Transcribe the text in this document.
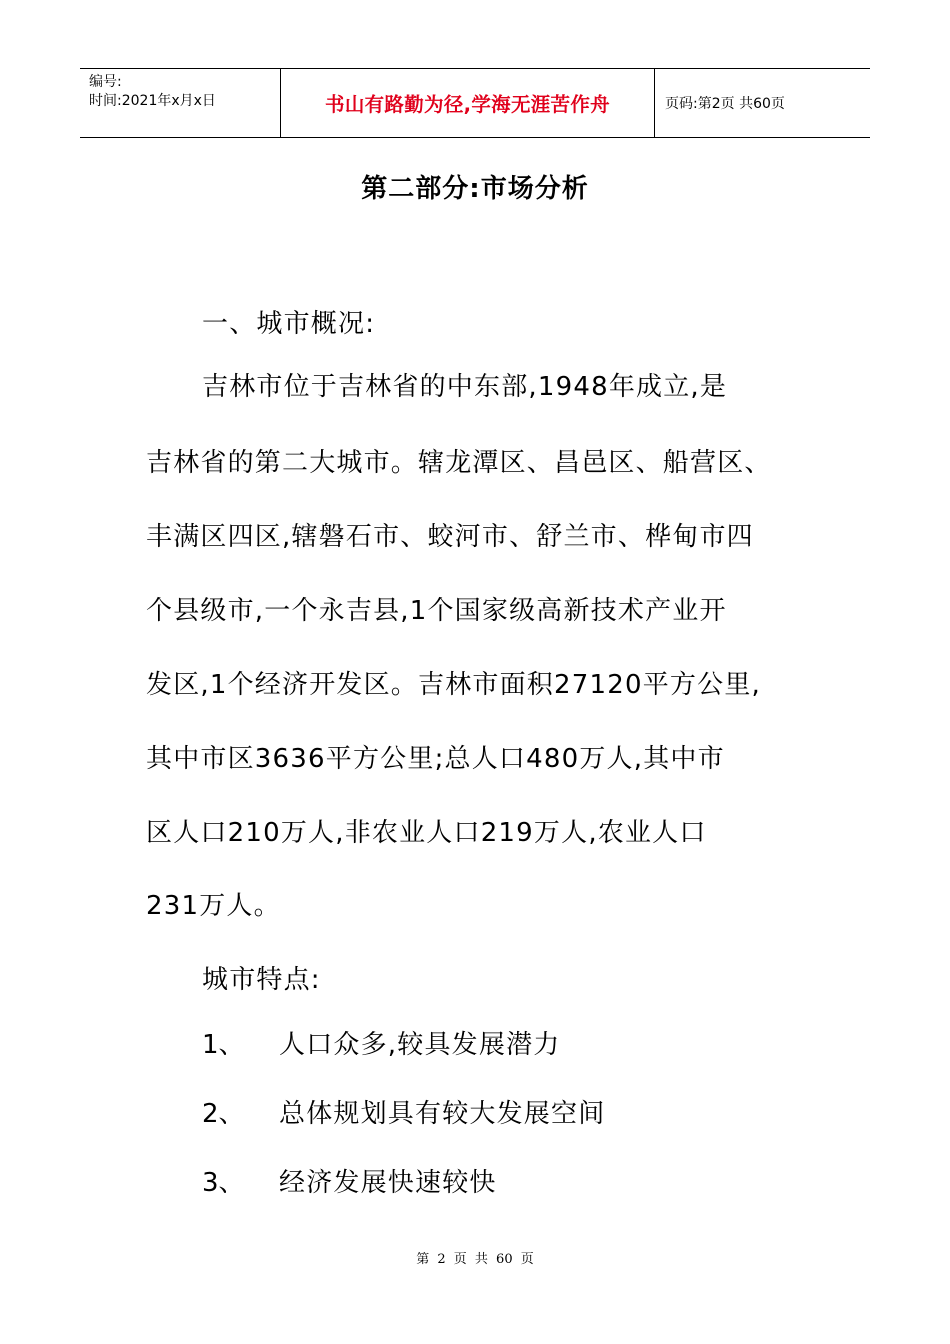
编号:
时间:2021年x月x日	书山有路勤为径,学海无涯苦作舟	页码:第2页 共60页
第二部分:市场分析
一、城市概况:
吉林市位于吉林省的中东部,1948年成立,是
吉林省的第二大城市。辖龙潭区、昌邑区、船营区、
丰满区四区,辖磐石市、蛟河市、舒兰市、桦甸市四
个县级市,一个永吉县,1个国家级高新技术产业开
发区,1个经济开发区。吉林市面积27120平方公里,
其中市区3636平方公里;总人口480万人,其中市
区人口210万人,非农业人口219万人,农业人口
231万人。
城市特点:
1、 人口众多,较具发展潜力
2、 总体规划具有较大发展空间
3、 经济发展快速较快
第 2 页 共 60 页
